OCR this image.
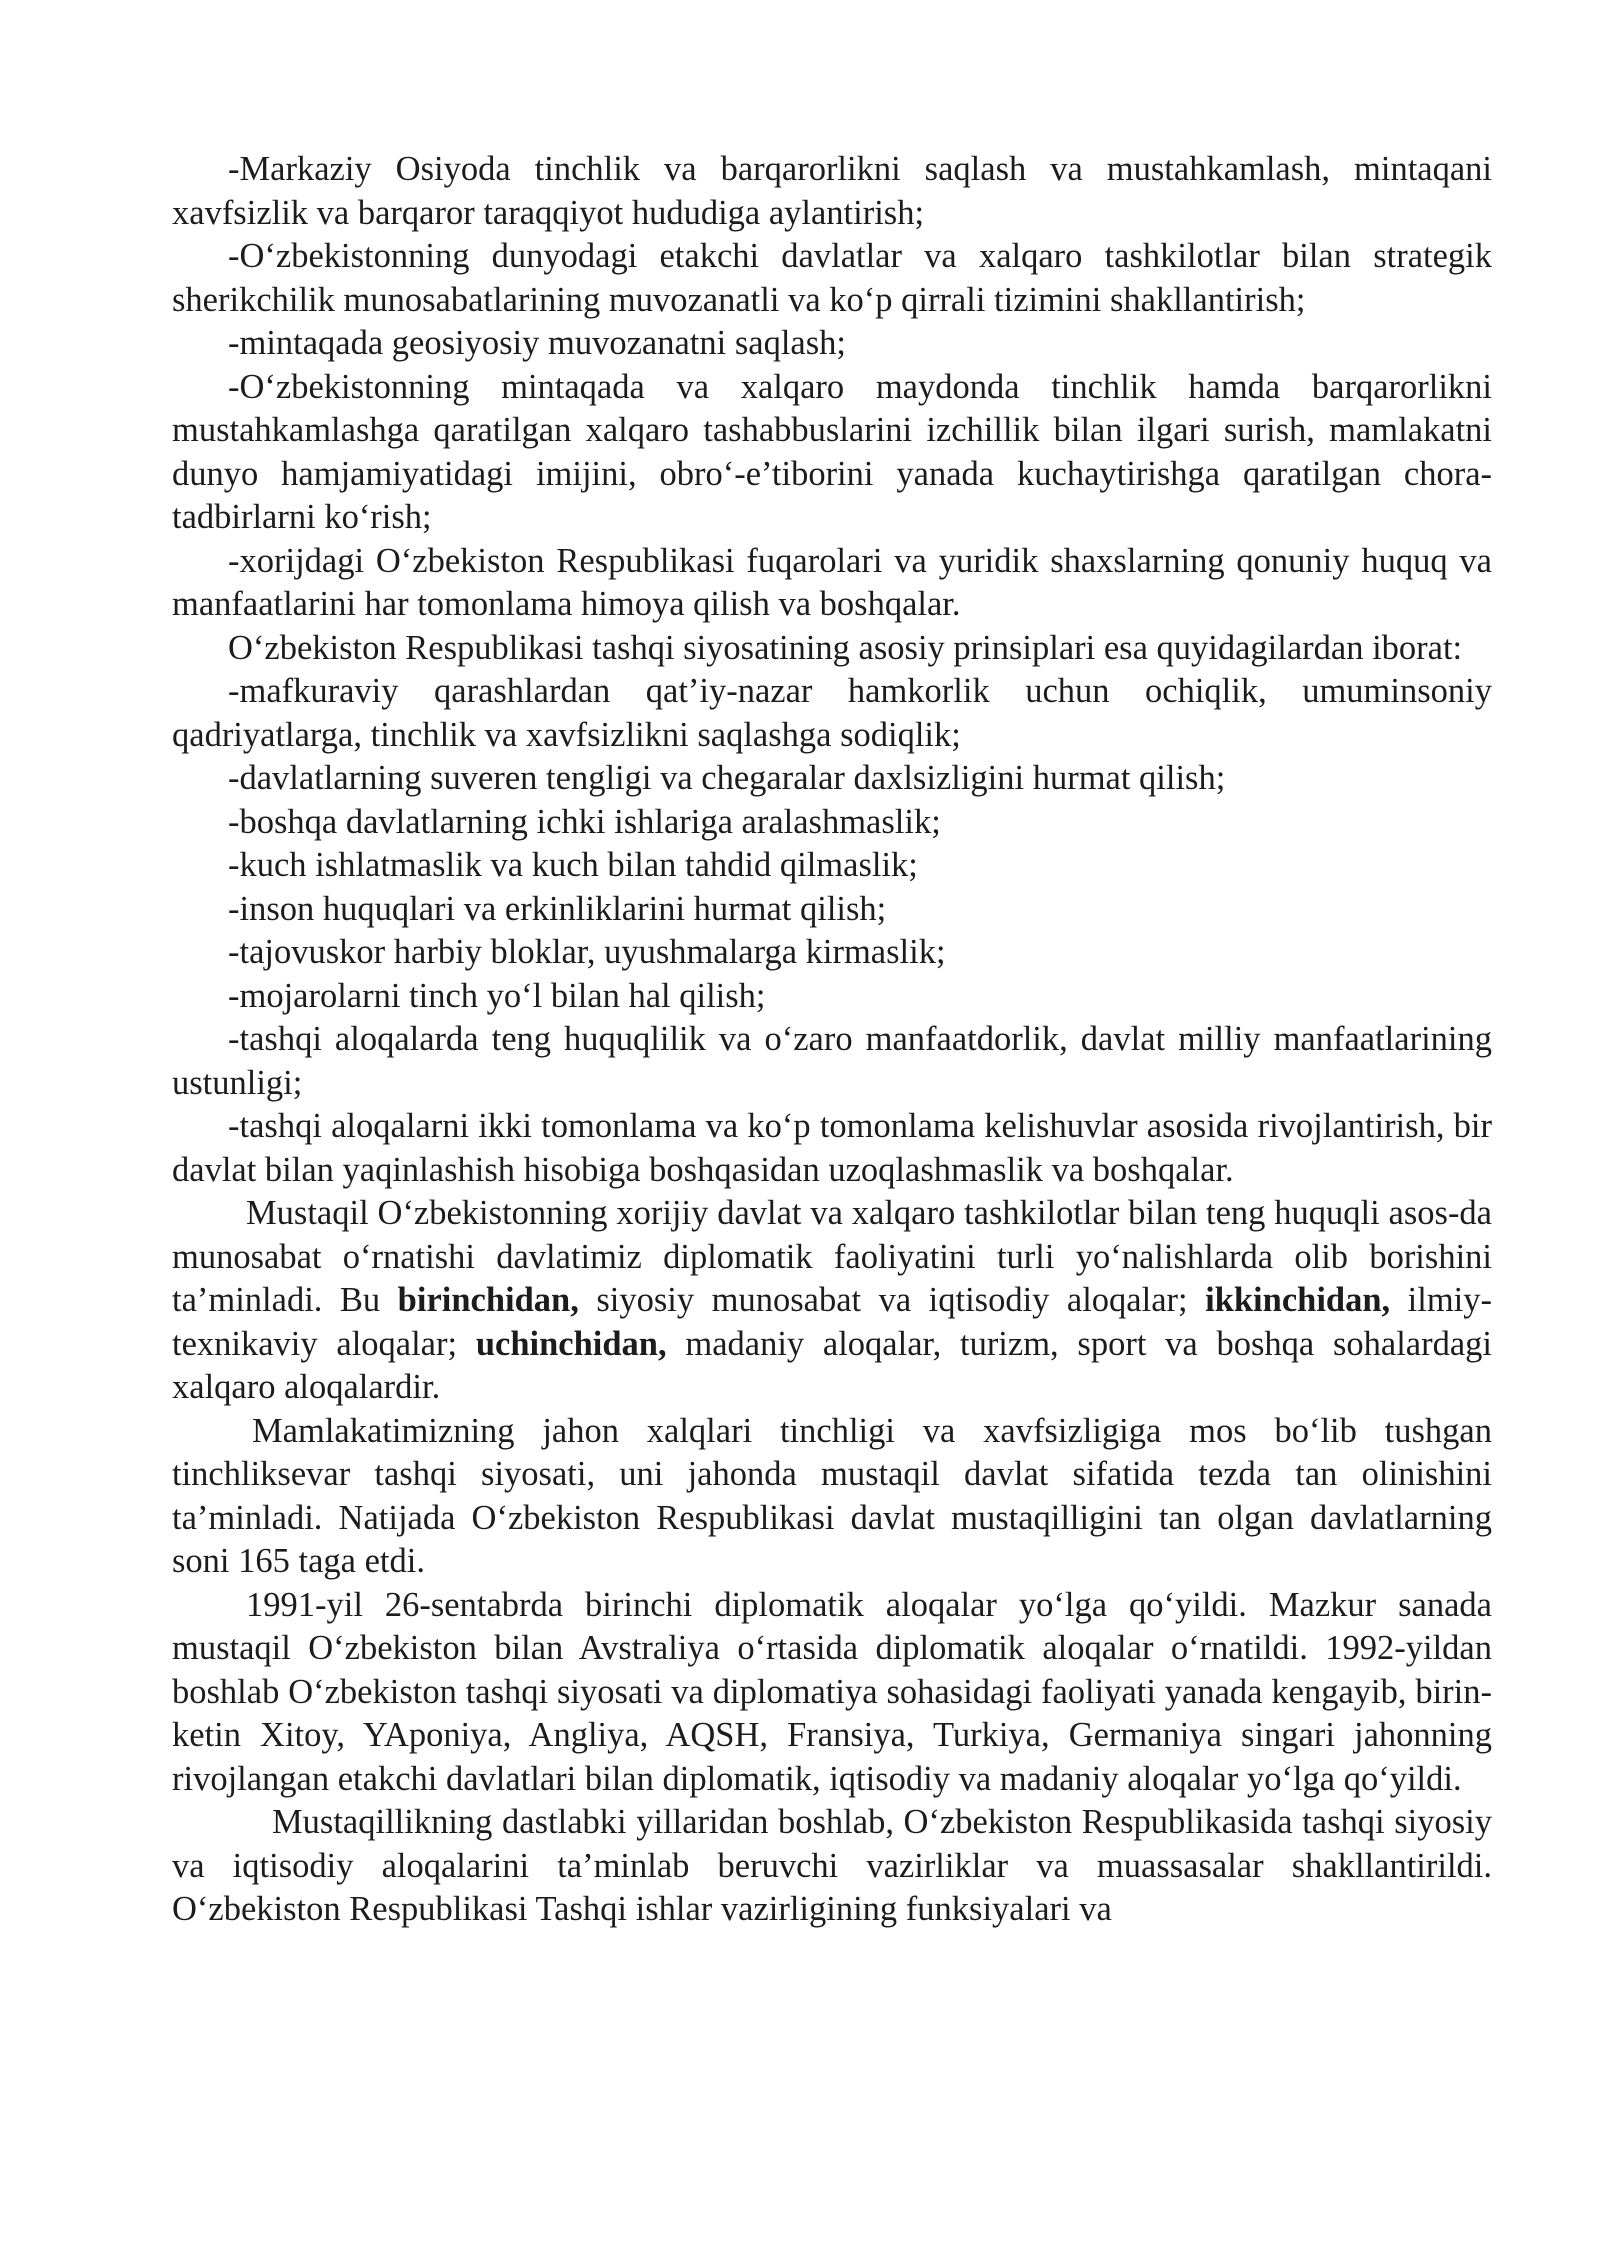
-Markaziy Osiyoda tinchlik va barqarorlikni saqlash va mustahkamlash, mintaqani xavfsizlik va barqaror taraqqiyot hududiga aylantirish;

-O‘zbekistonning dunyodagi etakchi davlatlar va xalqaro tashkilotlar bilan strategik sherikchilik munosabatlarining muvozanatli va ko‘p qirrali tizimini shakllantirish;

-mintaqada geosiyosiy muvozanatni saqlash;

-O‘zbekistonning mintaqada va xalqaro maydonda tinchlik hamda barqarorlikni mustahkamlashga qaratilgan xalqaro tashabbuslarini izchillik bilan ilgari surish, mamlakatni dunyo hamjamiyatidagi imijini, obro‘-e’tiborini yanada kuchaytirishga qaratilgan chora-tadbirlarni ko‘rish;

-xorijdagi O‘zbekiston Respublikasi fuqarolari va yuridik shaxslarning qonuniy huquq va manfaatlarini har tomonlama himoya qilish va boshqalar.

O‘zbekiston Respublikasi tashqi siyosatining asosiy prinsiplari esa quyidagilardan iborat:

-mafkuraviy qarashlardan qat’iy-nazar hamkorlik uchun ochiqlik, umuminsoniy qadriyatlarga, tinchlik va xavfsizlikni saqlashga sodiqlik;

-davlatlarning suveren tengligi va chegaralar daxlsizligini hurmat qilish;

-boshqa davlatlarning ichki ishlariga aralashmaslik;

-kuch ishlatmaslik va kuch bilan tahdid qilmaslik;

-inson huquqlari va erkinliklarini hurmat qilish;

-tajovuskor harbiy bloklar, uyushmalarga kirmaslik;

-mojarolarni tinch yo‘l bilan hal qilish;

-tashqi aloqalarda teng huquqlilik va o‘zaro manfaatdorlik, davlat milliy manfaatlarining ustunligi;

-tashqi aloqalarni ikki tomonlama va ko‘p tomonlama kelishuvlar asosida rivojlantirish, bir davlat bilan yaqinlashish hisobiga boshqasidan uzoqlashmaslik va boshqalar.

Mustaqil O‘zbekistonning xorijiy davlat va xalqaro tashkilotlar bilan teng huquqli asos-da munosabat o‘rnatishi davlatimiz diplomatik faoliyatini turli yo‘nalishlarda olib borishini ta’minladi. Bu birinchidan, siyosiy munosabat va iqtisodiy aloqalar; ikkinchidan, ilmiy-texnikaviy aloqalar; uchinchidan, madaniy aloqalar, turizm, sport va boshqa sohalardagi xalqaro aloqalardir.

Mamlakatimizning jahon xalqlari tinchligi va xavfsizligiga mos bo‘lib tushgan tinchliksevar tashqi siyosati, uni jahonda mustaqil davlat sifatida tezda tan olinishini ta’minladi. Natijada O‘zbekiston Respublikasi davlat mustaqilligini tan olgan davlatlarning soni 165 taga etdi.

1991-yil 26-sentabrda birinchi diplomatik aloqalar yo‘lga qo‘yildi. Mazkur sanada mustaqil O‘zbekiston bilan Avstraliya o‘rtasida diplomatik aloqalar o‘rnatildi. 1992-yildan boshlab O‘zbekiston tashqi siyosati va diplomatiya sohasidagi faoliyati yanada kengayib, birin-ketin Xitoy, YAponiya, Angliya, AQSH, Fransiya, Turkiya, Germaniya singari jahonning rivojlangan etakchi davlatlari bilan diplomatik, iqtisodiy va madaniy aloqalar yo‘lga qo‘yildi.

Mustaqillikning dastlabki yillaridan boshlab, O‘zbekiston Respublikasida tashqi siyosiy va iqtisodiy aloqalarini ta’minlab beruvchi vazirliklar va muassasalar shakllantirildi. O‘zbekiston Respublikasi Tashqi ishlar vazirligining funksiyalari va
